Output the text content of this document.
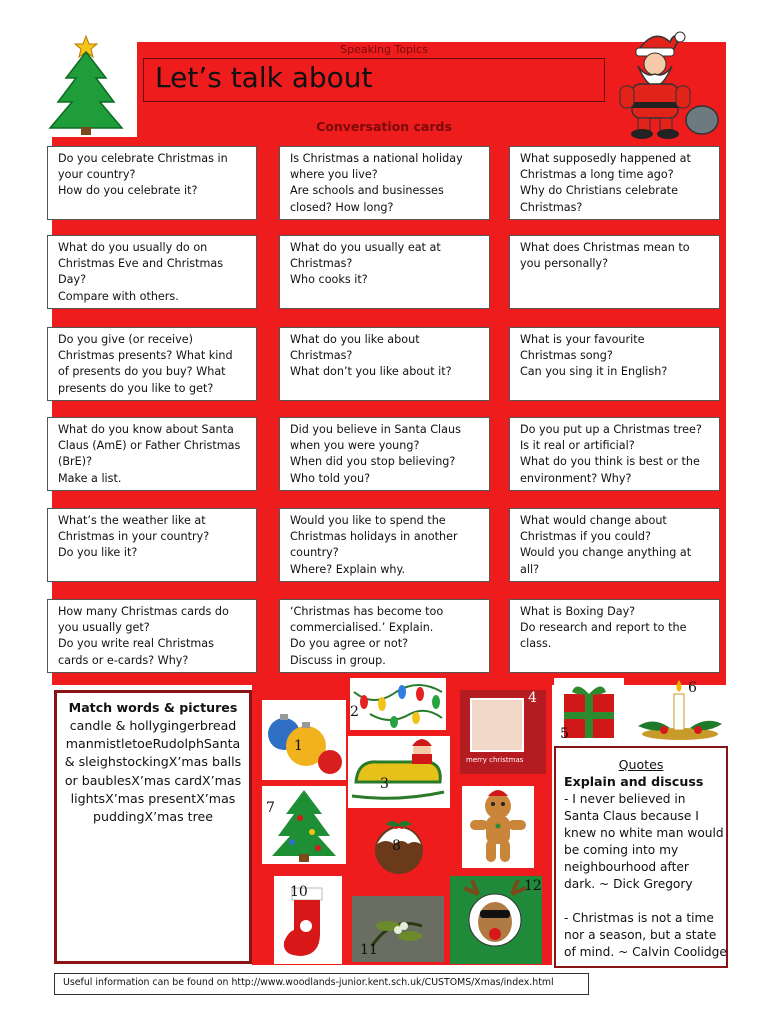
Speaking Topics
Let’s talk about
Conversation cards
Do you celebrate Christmas in
your country?
How do you celebrate it?
Is Christmas a national holiday
where you live?
Are schools and businesses
closed? How long?
What supposedly happened at
Christmas a long time ago?
Why do Christians celebrate
Christmas?
What do you usually do on
Christmas Eve and Christmas
Day?
Compare with others.
What do you usually eat at
Christmas?
Who cooks it?
What does Christmas mean to
you personally?
Do you give (or receive)
Christmas presents? What kind
of presents do you buy? What
presents do you like to get?
What do you like about
Christmas?
What don’t you like about it?
What is your favourite
Christmas song?
Can you sing it in English?
What do you know about Santa
Claus (AmE) or Father Christmas
(BrE)?
Make a list.
Did you believe in Santa Claus
when you were young?
When did you stop believing?
Who told you?
Do you put up a Christmas tree?
Is it real or artificial?
What do you think is best or the
environment? Why?
What’s the weather like at
Christmas in your country?
Do you like it?
Would you like to spend the
Christmas holidays in another
country?
Where? Explain why.
What would change about
Christmas if you could?
Would you change anything at
all?
How many Christmas cards do
you usually get?
Do you write real Christmas
cards or e-cards? Why?
‘Christmas has become too
commercialised.’ Explain.
Do you agree or not?
Discuss in group.
What is Boxing Day?
Do research and report to the
class.
Match words & pictures
candle & hollygingerbread
manmistletoeRudolphSanta
& sleighstockingX’mas balls
or baublesX’mas cardX’mas
lightsX’mas presentX’mas
puddingX’mas tree
1
2
merry christmas
4
5
6
3
7
8
10
11
12
Quotes
Explain and discuss
- I never believed in
Santa Claus because I
knew no white man would
be coming into my
neighbourhood after
dark. ~ Dick Gregory
- Christmas is not a time
nor a season, but a state
of mind. ~ Calvin Coolidge
Useful information can be found on http://www.woodlands-junior.kent.sch.uk/CUSTOMS/Xmas/index.html
